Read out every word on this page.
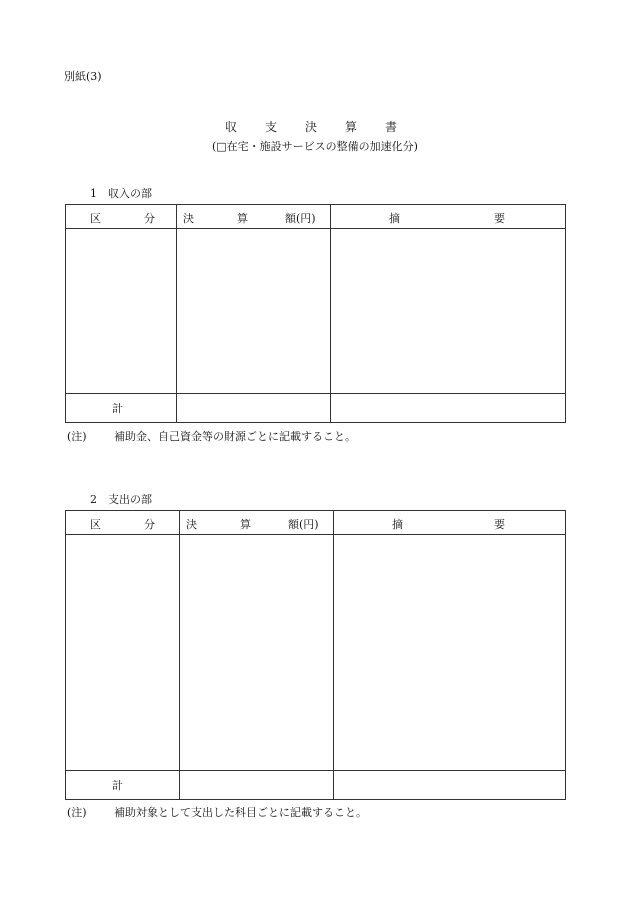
別紙(3)
収　支　決　算　書
(□在宅・施設サービスの整備の加速化分)
1　収入の部
区 分	決 算 額(円)	摘 要

計		
(注) 補助金、自己資金等の財源ごとに記載すること。
2　支出の部
区 分	決 算 額(円)	摘 要

計		
(注) 補助対象として支出した科目ごとに記載すること。
